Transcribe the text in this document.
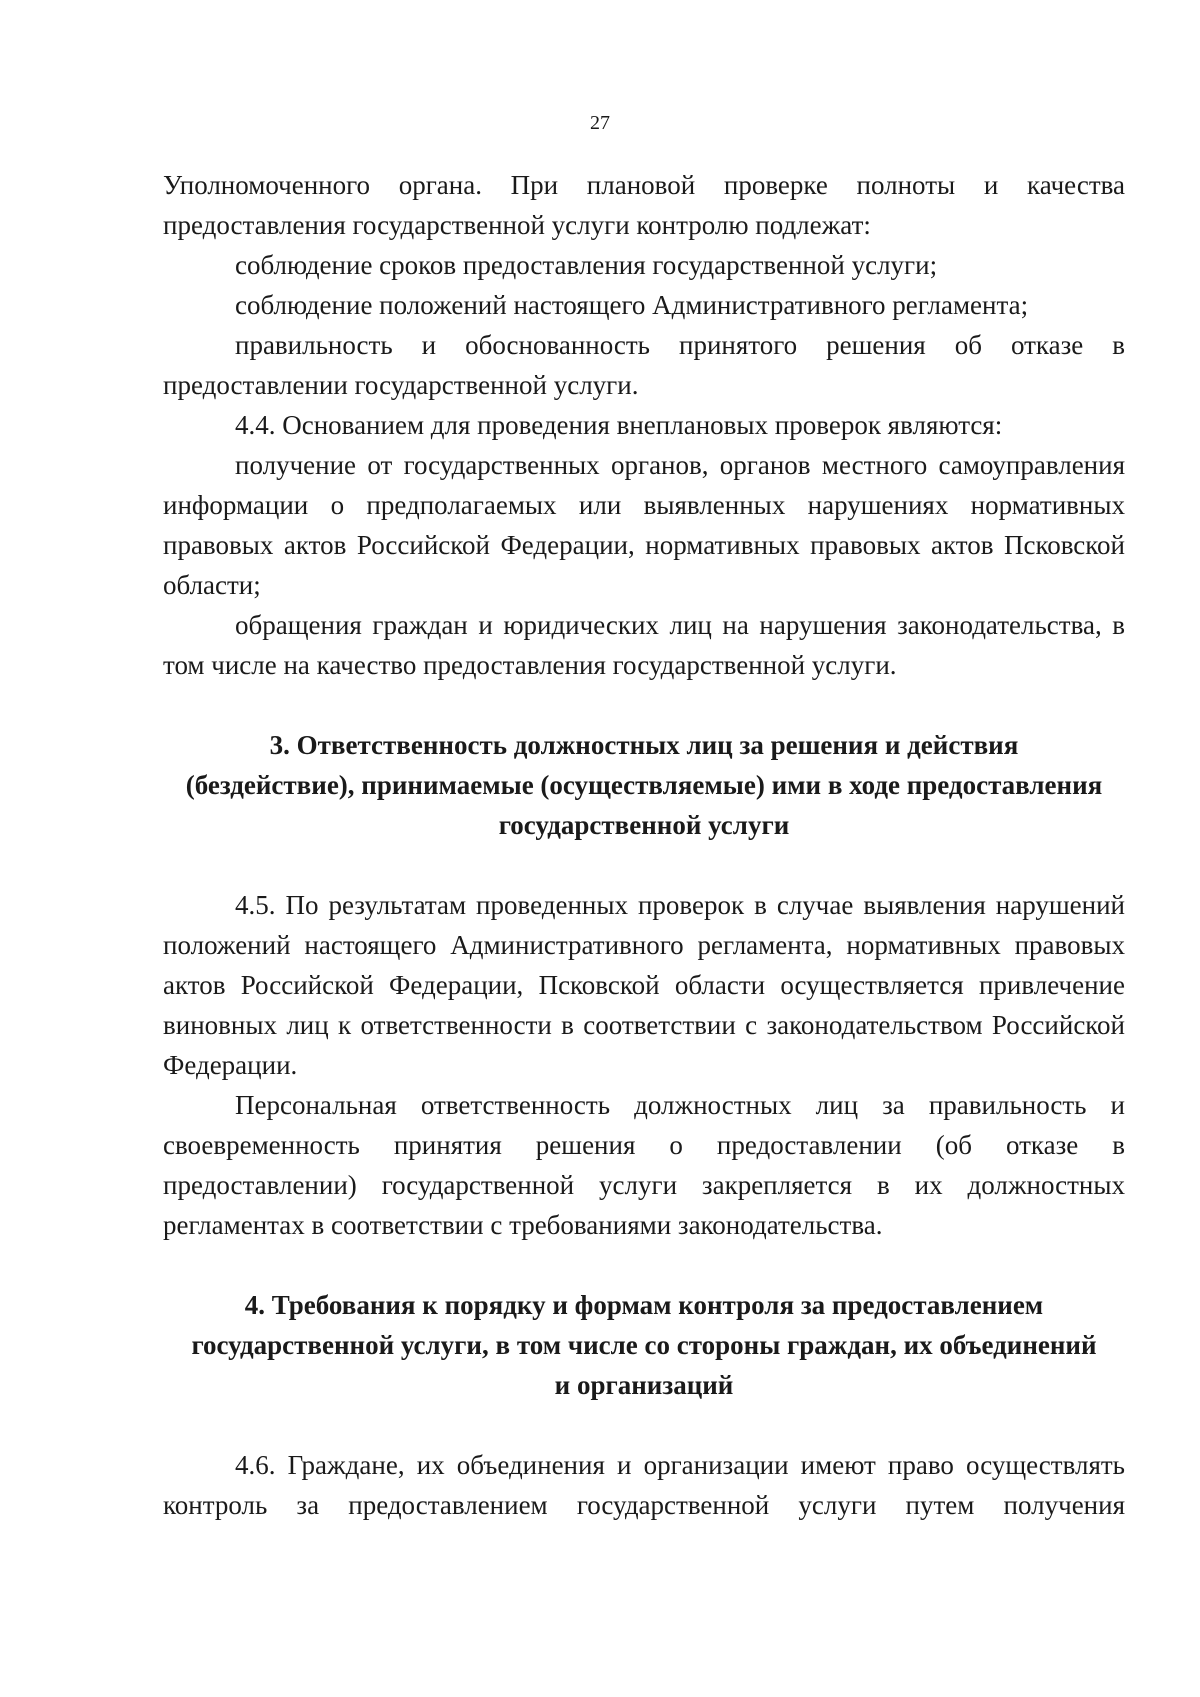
27

Уполномоченного органа. При плановой проверке полноты и качества предоставления государственной услуги контролю подлежат:

соблюдение сроков предоставления государственной услуги;

соблюдение положений настоящего Административного регламента;

правильность и обоснованность принятого решения об отказе в предоставлении государственной услуги.

4.4. Основанием для проведения внеплановых проверок являются:

получение от государственных органов, органов местного самоуправления информации о предполагаемых или выявленных нарушениях нормативных правовых актов Российской Федерации, нормативных правовых актов Псковской области;

обращения граждан и юридических лиц на нарушения законодательства, в том числе на качество предоставления государственной услуги.

3. Ответственность должностных лиц за решения и действия
(бездействие), принимаемые (осуществляемые) ими в ходе предоставления
государственной услуги

4.5. По результатам проведенных проверок в случае выявления нарушений положений настоящего Административного регламента, нормативных правовых актов Российской Федерации, Псковской области осуществляется привлечение виновных лиц к ответственности в соответствии с законодательством Российской Федерации.

Персональная ответственность должностных лиц за правильность и своевременность принятия решения о предоставлении (об отказе в предоставлении) государственной услуги закрепляется в их должностных регламентах в соответствии с требованиями законодательства.

4. Требования к порядку и формам контроля за предоставлением
государственной услуги, в том числе со стороны граждан, их объединений
и организаций

4.6. Граждане, их объединения и организации имеют право осуществлять контроль за предоставлением государственной услуги путем получения
